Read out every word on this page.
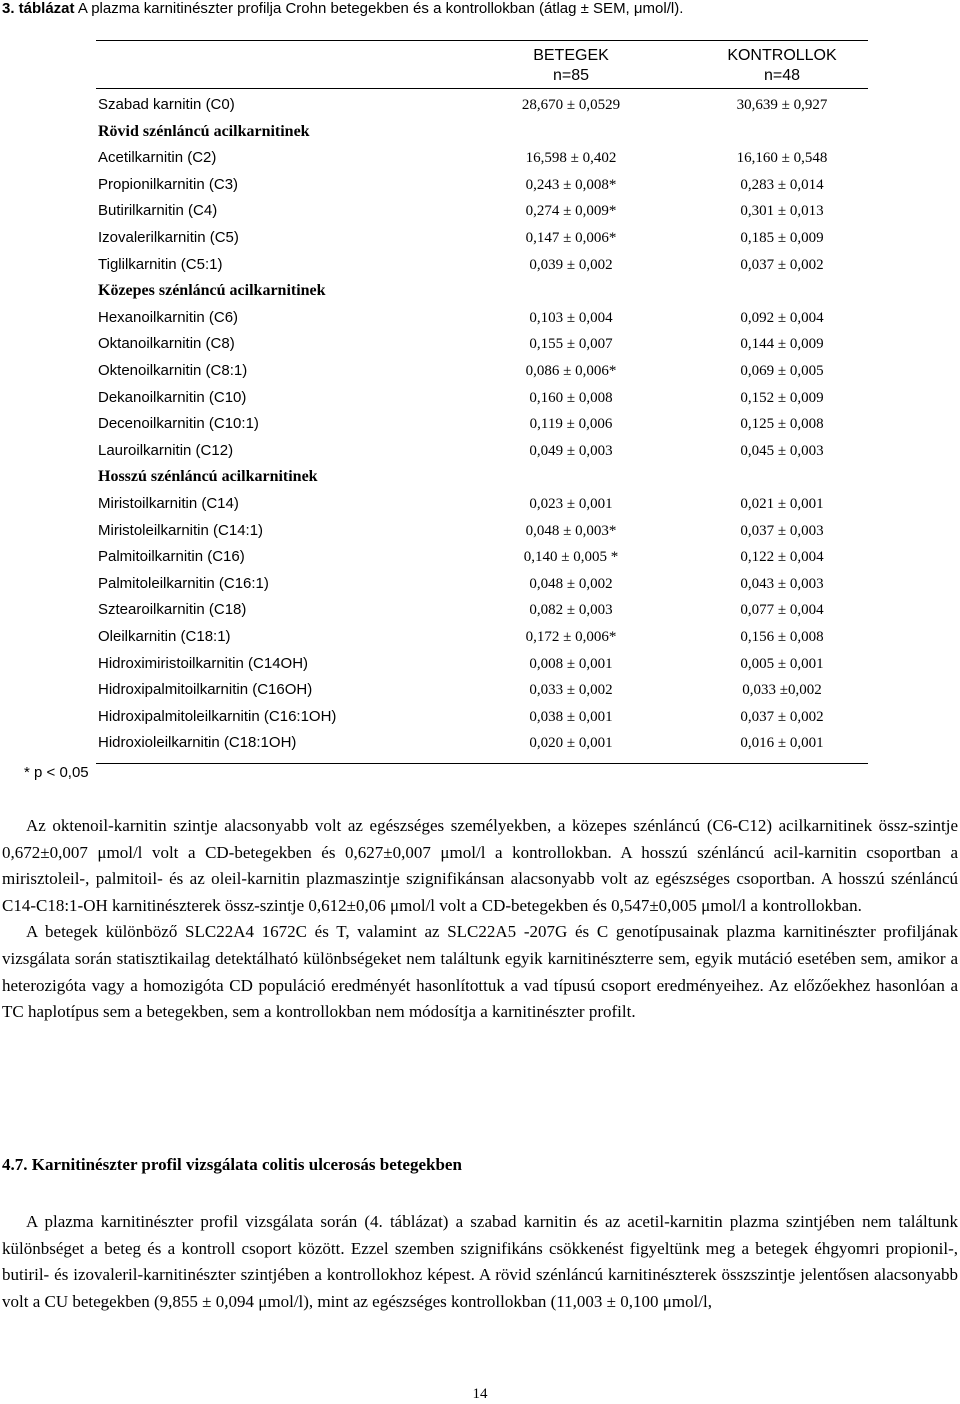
3. táblázat A plazma karnitinészter profilja Crohn betegekben és a kontrollokban (átlag ± SEM, μmol/l).
BETEGEK
n=85
KONTROLLOK
n=48
Szabad karnitin (C0)	28,670 ± 0,0529	30,639 ± 0,927
Rövid szénláncú acilkarnitinek
Acetilkarnitin (C2)	16,598 ± 0,402	16,160 ± 0,548
Propionilkarnitin (C3)	0,243 ± 0,008*	0,283 ± 0,014
Butirilkarnitin (C4)	0,274 ± 0,009*	0,301 ± 0,013
Izovalerilkarnitin (C5)	0,147 ± 0,006*	0,185 ± 0,009
Tiglilkarnitin (C5:1)	0,039 ± 0,002	0,037 ± 0,002
Közepes szénláncú acilkarnitinek
Hexanoilkarnitin (C6)	0,103 ± 0,004	0,092 ± 0,004
Oktanoilkarnitin (C8)	0,155 ± 0,007	0,144 ± 0,009
Oktenoilkarnitin (C8:1)	0,086 ± 0,006*	0,069 ± 0,005
Dekanoilkarnitin (C10)	0,160 ± 0,008	0,152 ± 0,009
Decenoilkarnitin (C10:1)	0,119 ± 0,006	0,125 ± 0,008
Lauroilkarnitin (C12)	0,049 ± 0,003	0,045 ± 0,003
Hosszú szénláncú acilkarnitinek
Miristoilkarnitin (C14)	0,023 ± 0,001	0,021 ± 0,001
Miristoleilkarnitin (C14:1)	0,048 ± 0,003*	0,037 ± 0,003
Palmitoilkarnitin (C16)	0,140 ± 0,005 *	0,122 ± 0,004
Palmitoleilkarnitin (C16:1)	0,048 ± 0,002	0,043 ± 0,003
Sztearoilkarnitin (C18)	0,082 ± 0,003	0,077 ± 0,004
Oleilkarnitin (C18:1)	0,172 ± 0,006*	0,156 ± 0,008
Hidroximiristoilkarnitin (C14OH)	0,008 ± 0,001	0,005 ± 0,001
Hidroxipalmitoilkarnitin (C16OH)	0,033 ± 0,002	0,033 ±0,002
Hidroxipalmitoleilkarnitin (C16:1OH)	0,038 ± 0,001	0,037 ± 0,002
Hidroxioleilkarnitin (C18:1OH)	0,020 ± 0,001	0,016 ± 0,001
* p < 0,05

Az oktenoil-karnitin szintje alacsonyabb volt az egészséges személyekben, a közepes szénláncú (C6-C12) acilkarnitinek össz-szintje 0,672±0,007 μmol/l volt a CD-betegekben és 0,627±0,007 μmol/l a kontrollokban. A hosszú szénláncú acil-karnitin csoportban a mirisztoleil-, palmitoil- és az oleil-karnitin plazmaszintje szignifikánsan alacsonyabb volt az egészséges csoportban. A hosszú szénláncú C14-C18:1-OH karnitinészterek össz-szintje 0,612±0,06 μmol/l volt a CD-betegekben és 0,547±0,005 μmol/l a kontrollokban.

A betegek különböző SLC22A4 1672C és T, valamint az SLC22A5 -207G és C genotípusainak plazma karnitinészter profiljának vizsgálata során statisztikailag detektálható különbségeket nem találtunk egyik karnitinészterre sem, egyik mutáció esetében sem, amikor a heterozigóta vagy a homozigóta CD populáció eredményét hasonlítottuk a vad típusú csoport eredményeihez. Az előzőekhez hasonlóan a TC haplotípus sem a betegekben, sem a kontrollokban nem módosítja a karnitinészter profilt.

4.7. Karnitinészter profil vizsgálata colitis ulcerosás betegekben

A plazma karnitinészter profil vizsgálata során (4. táblázat) a szabad karnitin és az acetil-karnitin plazma szintjében nem találtunk különbséget a beteg és a kontroll csoport között. Ezzel szemben szignifikáns csökkenést figyeltünk meg a betegek éhgyomri propionil-, butiril- és izovaleril-karnitinészter szintjében a kontrollokhoz képest. A rövid szénláncú karnitinészterek összszintje jelentősen alacsonyabb volt a CU betegekben (9,855 ± 0,094 μmol/l), mint az egészséges kontrollokban (11,003 ± 0,100 μmol/l,

14
